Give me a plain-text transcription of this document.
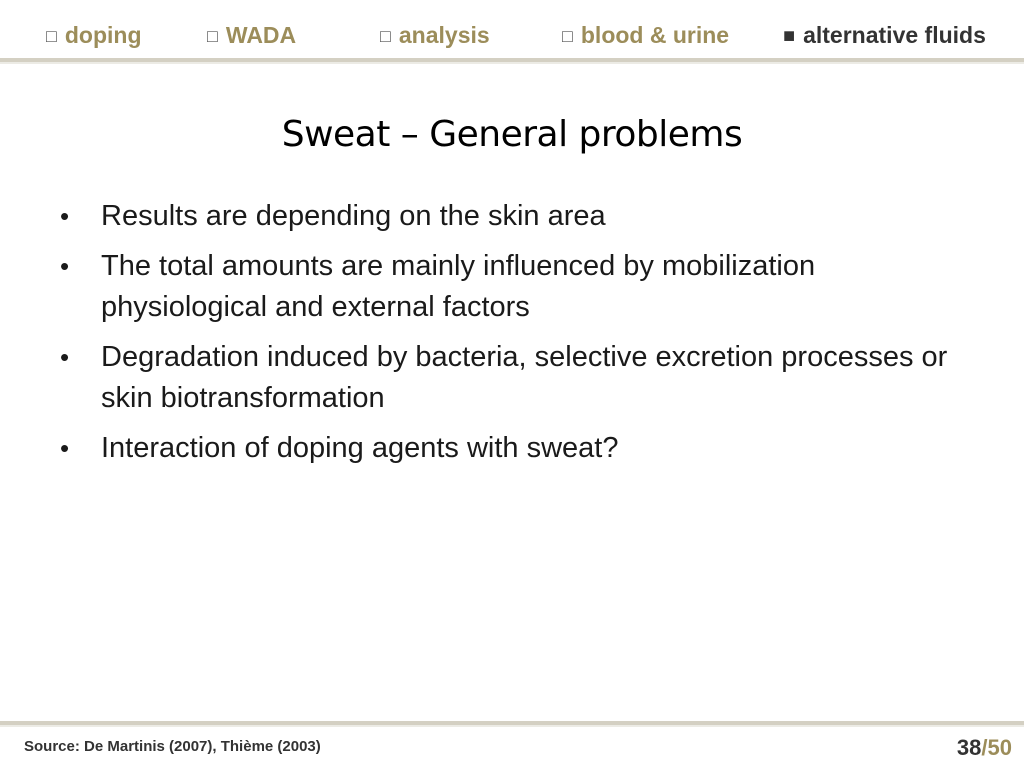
□ doping	□ WADA	□ analysis	□ blood & urine	■ alternative fluids
Sweat – General problems
• Results are depending on the skin area
• The total amounts are mainly influenced by mobilization physiological and external factors
• Degradation induced by bacteria, selective excretion processes or skin biotransformation
• Interaction of doping agents with sweat?
Source: De Martinis (2007), Thième (2003)	38/50
